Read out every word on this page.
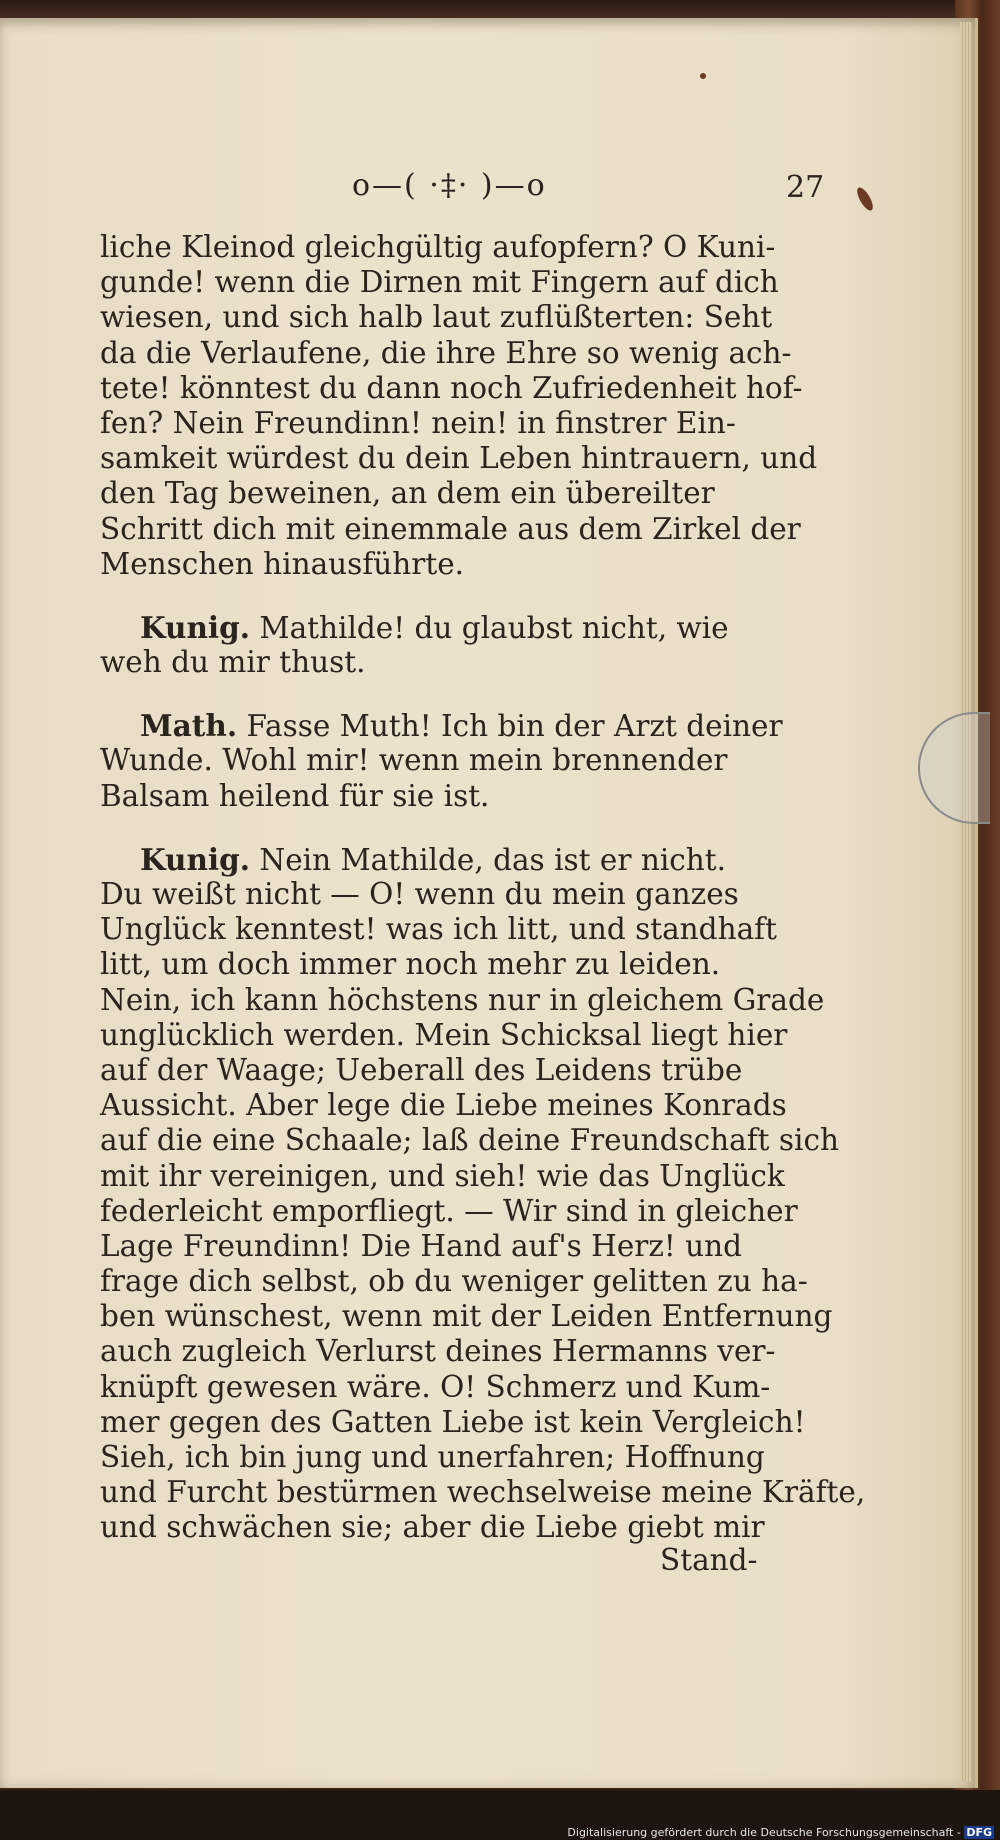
o—( ·‡· )—o	27
liche Kleinod gleichgültig aufopfern? O Kuni-
gunde! wenn die Dirnen mit Fingern auf dich
wiesen, und sich halb laut zuflüßterten: Seht
da die Verlaufene, die ihre Ehre so wenig ach-
tete! könntest du dann noch Zufriedenheit hof-
fen? Nein Freundinn! nein! in finstrer Ein-
samkeit würdest du dein Leben hintrauern, und
den Tag beweinen, an dem ein übereilter
Schritt dich mit einemmale aus dem Zirkel der
Menschen hinausführte.
Kunig. Mathilde! du glaubst nicht, wie
weh du mir thust.
Math. Fasse Muth! Ich bin der Arzt deiner
Wunde. Wohl mir! wenn mein brennender
Balsam heilend für sie ist.
Kunig. Nein Mathilde, das ist er nicht.
Du weißt nicht — O! wenn du mein ganzes
Unglück kenntest! was ich litt, und standhaft
litt, um doch immer noch mehr zu leiden.
Nein, ich kann höchstens nur in gleichem Grade
unglücklich werden. Mein Schicksal liegt hier
auf der Waage; Ueberall des Leidens trübe
Aussicht. Aber lege die Liebe meines Konrads
auf die eine Schaale; laß deine Freundschaft sich
mit ihr vereinigen, und sieh! wie das Unglück
federleicht emporfliegt. — Wir sind in gleicher
Lage Freundinn! Die Hand auf's Herz! und
frage dich selbst, ob du weniger gelitten zu ha-
ben wünschest, wenn mit der Leiden Entfernung
auch zugleich Verlurst deines Hermanns ver-
knüpft gewesen wäre. O! Schmerz und Kum-
mer gegen des Gatten Liebe ist kein Vergleich!
Sieh, ich bin jung und unerfahren; Hoffnung
und Furcht bestürmen wechselweise meine Kräfte,
und schwächen sie; aber die Liebe giebt mir
Stand-
Digitalisierung gefördert durch die Deutsche Forschungsgemeinschaft - DFG
